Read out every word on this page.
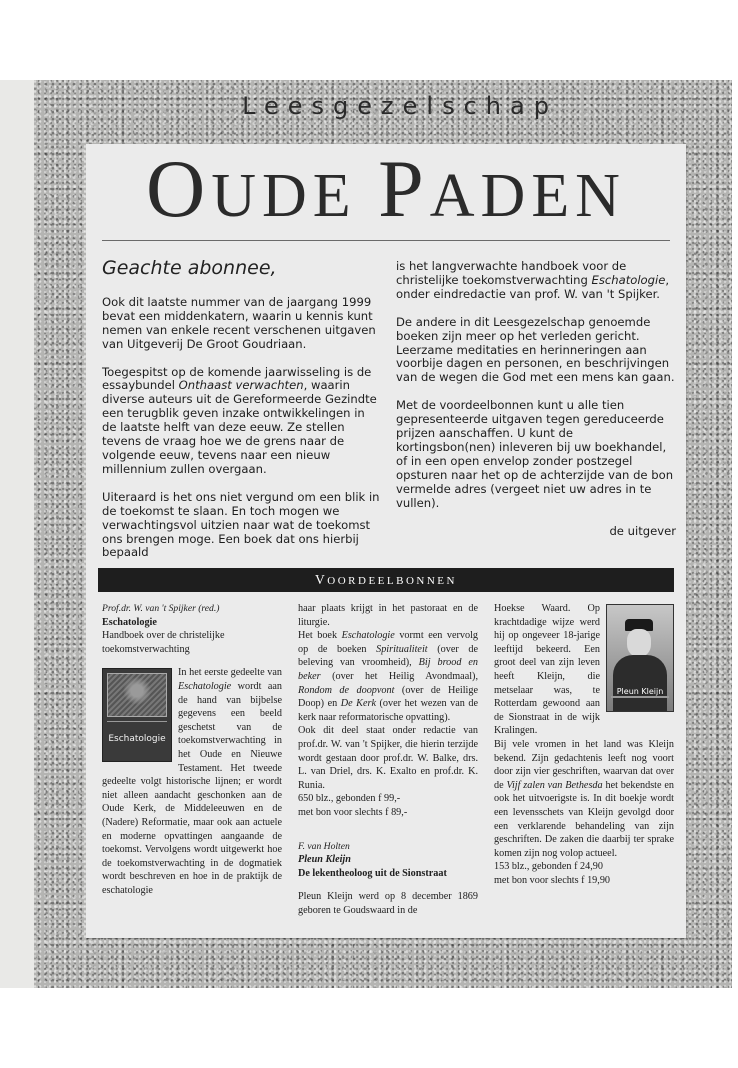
Leesgezelschap
OUDE PADEN
Geachte abonnee,

Ook dit laatste nummer van de jaargang 1999 bevat een middenkatern, waarin u kennis kunt nemen van enkele recent verschenen uitgaven van Uitgeverij De Groot Goudriaan.

Toegespitst op de komende jaarwisseling is de essaybundel Onthaast verwachten, waarin diverse auteurs uit de Gereformeerde Gezindte een terugblik geven inzake ontwikkelingen in de laatste helft van deze eeuw. Ze stellen tevens de vraag hoe we de grens naar de volgende eeuw, tevens naar een nieuw millennium zullen overgaan.

Uiteraard is het ons niet vergund om een blik in de toekomst te slaan. En toch mogen we verwachtingsvol uitzien naar wat de toekomst ons brengen moge. Een boek dat ons hierbij bepaald

is het langverwachte handboek voor de christelijke toekomstverwachting Eschatologie, onder eindredactie van prof. W. van 't Spijker.

De andere in dit Leesgezelschap genoemde boeken zijn meer op het verleden gericht. Leerzame meditaties en herinneringen aan voorbije dagen en personen, en beschrijvingen van de wegen die God met een mens kan gaan.

Met de voordeelbonnen kunt u alle tien gepresenteerde uitgaven tegen gereduceerde prijzen aanschaffen. U kunt de kortingsbon(nen) inleveren bij uw boekhandel, of in een open envelop zonder postzegel opsturen naar het op de achterzijde van de bon vermelde adres (vergeet niet uw adres in te vullen).

de uitgever
VOORDEELBONNEN
Prof.dr. W. van 't Spijker (red.)
Eschatologie
Handboek over de christelijke toekomstverwachting
Eschatologie

In het eerste gedeelte van Eschatologie wordt aan de hand van bijbelse gegevens een beeld geschetst van de toekomstverwachting in het Oude en Nieuwe Testament. Het tweede gedeelte volgt historische lijnen; er wordt niet alleen aandacht geschonken aan de Oude Kerk, de Middeleeuwen en de (Nadere) Reformatie, maar ook aan actuele en moderne opvattingen aangaande de toekomst. Vervolgens wordt uitgewerkt hoe de toekomstverwachting in de dogmatiek wordt beschreven en hoe in de praktijk de eschatologie

haar plaats krijgt in het pastoraat en de liturgie.

Het boek Eschatologie vormt een vervolg op de boeken Spiritualiteit (over de beleving van vroomheid), Bij brood en beker (over het Heilig Avondmaal), Rondom de doopvont (over de Heilige Doop) en De Kerk (over het wezen van de kerk naar reformatorische opvatting).

Ook dit deel staat onder redactie van prof.dr. W. van 't Spijker, die hierin terzijde wordt gestaan door prof.dr. W. Balke, drs. L. van Driel, drs. K. Exalto en prof.dr. K. Runia.

650 blz., gebonden f 99,-
met bon voor slechts f 89,-
F. van Holten
Pleun Kleijn
De lekentheoloog uit de Sionstraat

Pleun Kleijn werd op 8 december 1869 geboren te Goudswaard in de

Pleun Kleijn

Hoekse Waard. Op krachtdadige wijze werd hij op ongeveer 18-jarige leeftijd bekeerd. Een groot deel van zijn leven heeft Kleijn, die metselaar was, te Rotterdam gewoond aan de Sionstraat in de wijk Kralingen.

Bij vele vromen in het land was Kleijn bekend. Zijn gedachtenis leeft nog voort door zijn vier geschriften, waarvan dat over de Vijf zalen van Bethesda het bekendste en ook het uitvoerigste is. In dit boekje wordt een levensschets van Kleijn gevolgd door een verklarende behandeling van zijn geschriften. De zaken die daarbij ter sprake komen zijn nog volop actueel.

153 blz., gebonden f 24,90
met bon voor slechts f 19,90
